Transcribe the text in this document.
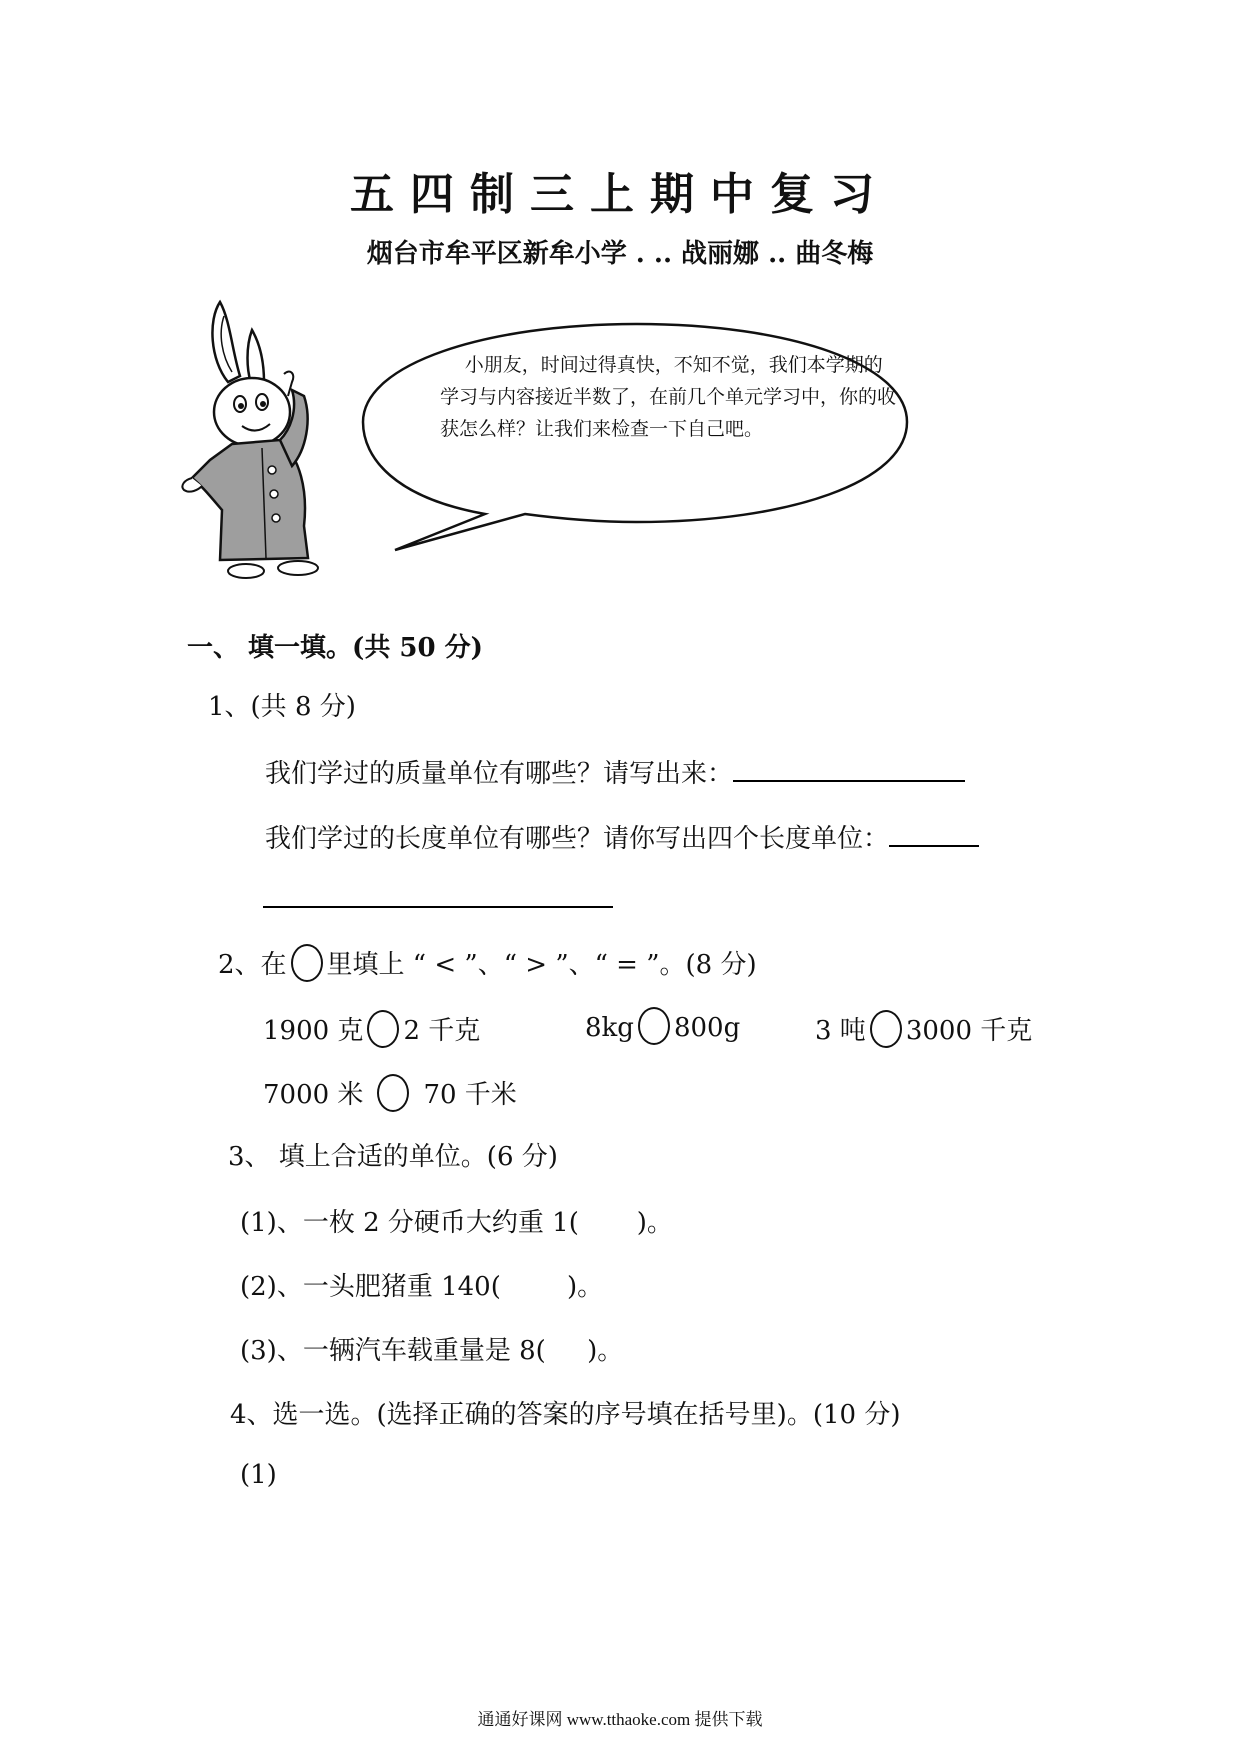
五四制三上期中复习
烟台市牟平区新牟小学 . .. 战丽娜 .. 曲冬梅
小朋友，时间过得真快，不知不觉，我们本学期的学习与内容接近半数了，在前几个单元学习中，你的收获怎么样？让我们来检查一下自己吧。
一、 填一填。(共 50 分)
1、(共 8 分)
我们学过的质量单位有哪些？请写出来：
我们学过的长度单位有哪些？请你写出四个长度单位：
2、在 里填上 “ < ”、“ > ”、“ = ”。(8 分)
1900 克 2 千克	8kg 800g	3 吨 3000 千克
7000 米 70 千米
3、 填上合适的单位。(6 分)
(1)、一枚 2 分硬币大约重 1(       )。
(2)、一头肥猪重 140(        )。
(3)、一辆汽车载重量是 8(     )。
4、选一选。(选择正确的答案的序号填在括号里)。(10 分)
(1)
通通好课网 www.tthaoke.com 提供下载
